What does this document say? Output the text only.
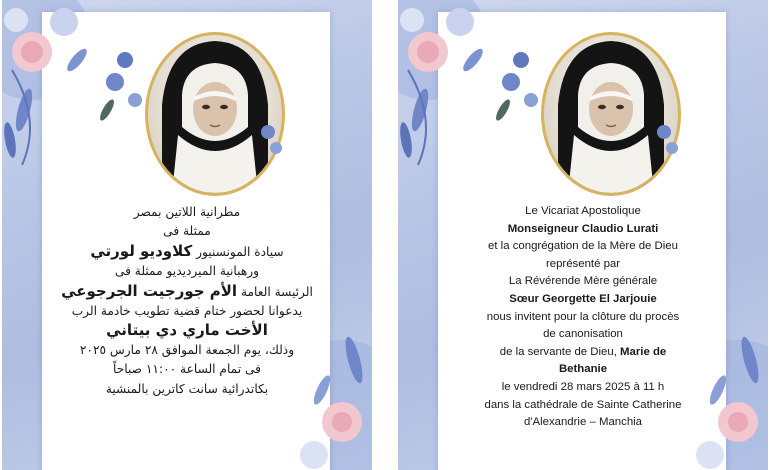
مطرانية اللاتين بمصر
ممثلة فى
سيادة المونسنيور كلاوديو لورتي
ورهبانية الميرديديو ممثلة فى
الرئيسة العامة الأم جورجيت الجرجوعي
يدعوانا لحضور ختام قضية تطويب خادمة الرب
الأخت ماري دي بيتاني
وذلك، يوم الجمعة الموافق ٢٨ مارس ٢٠٢٥
فى تمام الساعة ١١:٠٠ صباحاً
بكاتدرائية سانت كاترين بالمنشية
Le Vicariat Apostolique
Monseigneur Claudio Lurati
et la congrégation de la Mère de Dieu
représenté par
La Révérende Mère générale
Sœur Georgette El Jarjouie
nous invitent pour la clôture du procès
de canonisation
de la servante de Dieu, Marie de
Bethanie
le vendredi 28 mars 2025 à 11 h
dans la cathédrale de Sainte Catherine
d'Alexandrie – Manchia
